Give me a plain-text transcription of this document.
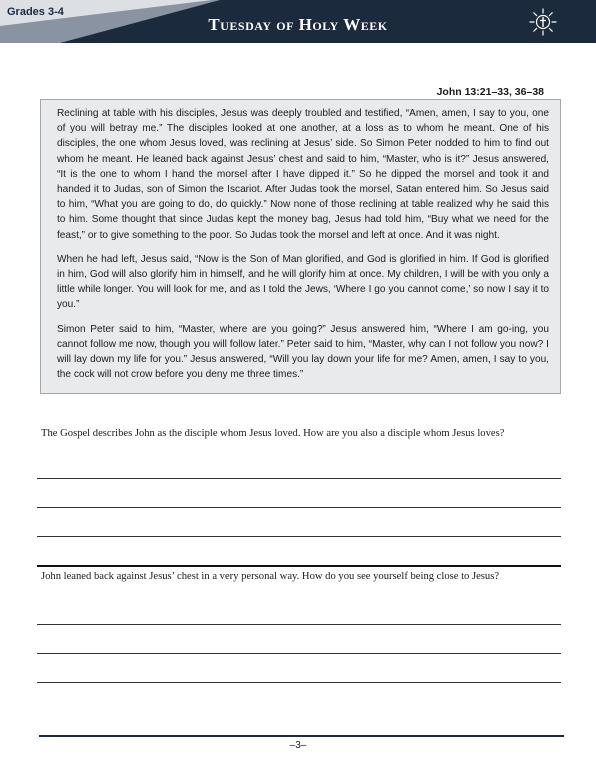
Grades 3-4
Tuesday of Holy Week
John 13:21–33, 36–38

Reclining at table with his disciples, Jesus was deeply troubled and testified, “Amen, amen, I say to you, one of you will betray me.” The disciples looked at one another, at a loss as to whom he meant. One of his disciples, the one whom Jesus loved, was reclining at Jesus’ side. So Simon Peter nodded to him to find out whom he meant. He leaned back against Jesus’ chest and said to him, “Master, who is it?” Jesus answered, “It is the one to whom I hand the morsel after I have dipped it.” So he dipped the morsel and took it and handed it to Judas, son of Simon the Iscariot. After Judas took the morsel, Satan entered him. So Jesus said to him, “What you are going to do, do quickly.” Now none of those reclining at table realized why he said this to him. Some thought that since Judas kept the money bag, Jesus had told him, “Buy what we need for the feast,” or to give something to the poor. So Judas took the morsel and left at once. And it was night.

When he had left, Jesus said, “Now is the Son of Man glorified, and God is glorified in him. If God is glorified in him, God will also glorify him in himself, and he will glorify him at once. My children, I will be with you only a little while longer. You will look for me, and as I told the Jews, ‘Where I go you cannot come,’ so now I say it to you.”

Simon Peter said to him, “Master, where are you going?” Jesus answered him, “Where I am go-ing, you cannot follow me now, though you will follow later.” Peter said to him, “Master, why can I not follow you now? I will lay down my life for you.” Jesus answered, “Will you lay down your life for me? Amen, amen, I say to you, the cock will not crow before you deny me three times.”

The Gospel describes John as the disciple whom Jesus loved. How are you also a disciple whom Jesus loves?
John leaned back against Jesus’ chest in a very personal way. How do you see yourself being close to Jesus?
–3–
